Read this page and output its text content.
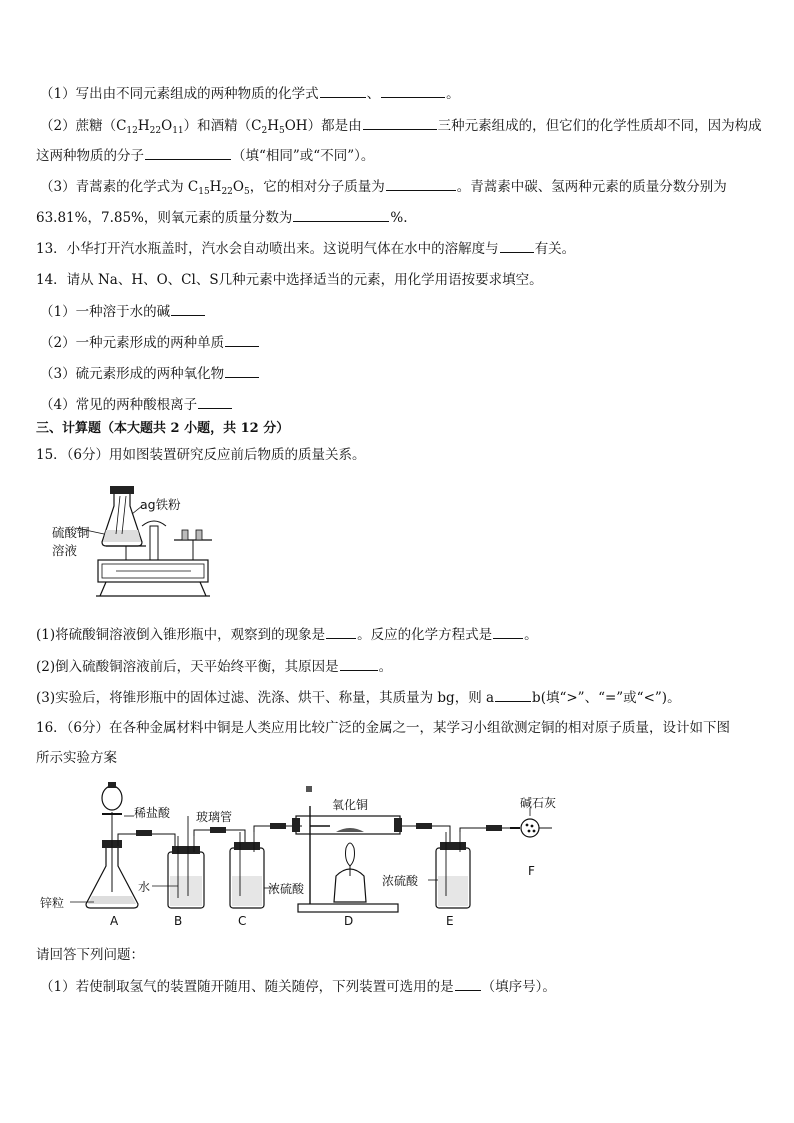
（1）写出由不同元素组成的两种物质的化学式	、	。
（2）蔗糖$(C_{12}H_{22}O_{11})$和酒精$(C_2H_5OH)$都是由	三种元素组成的，但它们的化学性质却不同，因为构成
这两种物质的分子	（填“相同”或“不同”）。
（3）青蒿素的化学式为 $C_{15}H_{22}O_5$，它的相对分子质量为	。青蒿素中碳、氢两种元素的质量分数分别为
63.81%，7.85%，则氧元素的质量分数为	%.
13．小华打开汽水瓶盖时，汽水会自动喷出来。这说明气体在水中的溶解度与	有关。
14．请从 Na、H、O、Cl、S几种元素中选择适当的元素，用化学用语按要求填空。
（1）一种溶于水的碱
（2）一种元素形成的两种单质
（3）硫元素形成的两种氧化物
（4）常见的两种酸根离子
三、计算题（本大题共 2 小题，共 12 分）
15．（6分）用如图装置研究反应前后物质的质量关系。
ag铁粉
硫酸铜
溶液
(1)将硫酸铜溶液倒入锥形瓶中，观察到的现象是 。反应的化学方程式是 。
(2)倒入硫酸铜溶液前后，天平始终平衡，其原因是	。
(3)实验后，将锥形瓶中的固体过滤、洗涤、烘干、称量，其质量为 bg，则 a	b(填“>”、“=”或“<”)。
16．（6分）在各种金属材料中铜是人类应用比较广泛的金属之一，某学习小组欲测定铜的相对原子质量，设计如下图
所示实验方案
稀盐酸 玻璃管
氧化铜	碱石灰
水	浓硫酸
浓硫酸
锌粒
A	B	C	D	E
F
请回答下列问题：
（1）若使制取氢气的装置随开随用、随关随停，下列装置可选用的是 （填序号）。
